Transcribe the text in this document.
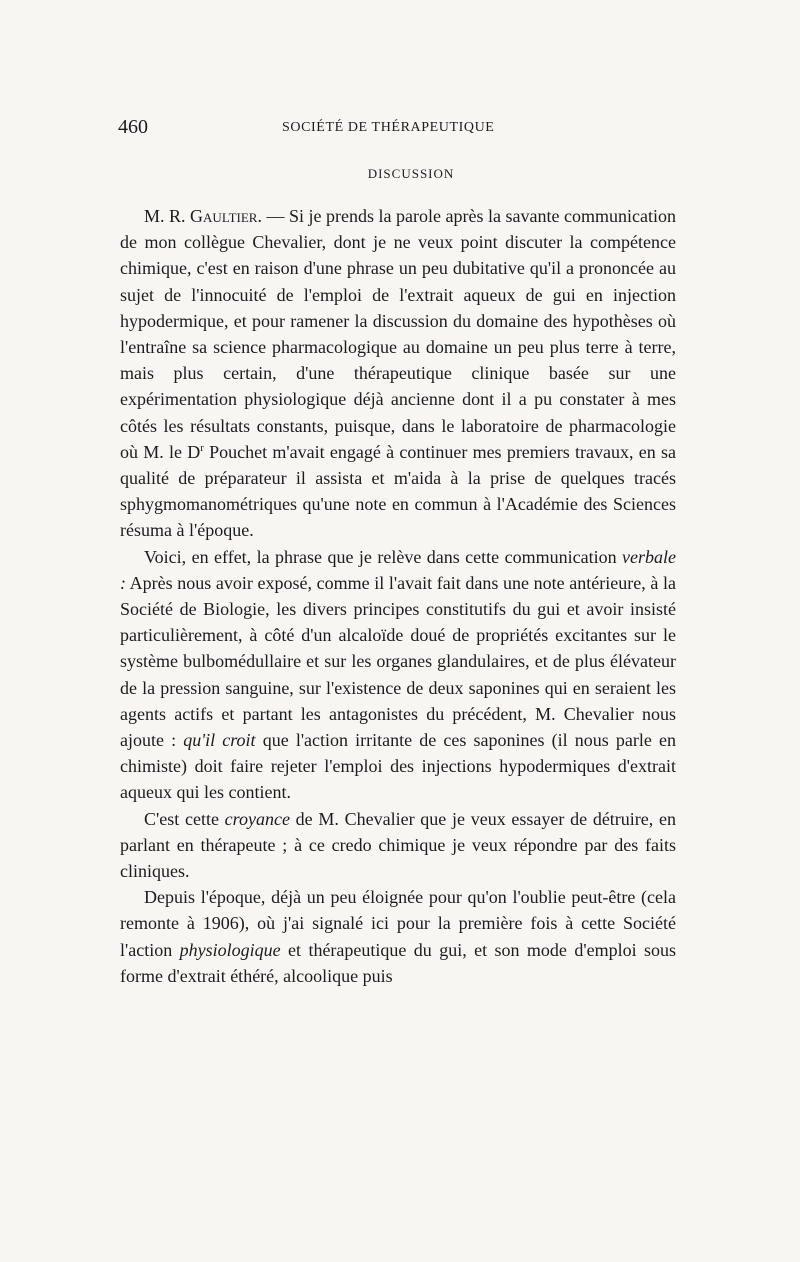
460	SOCIÉTÉ DE THÉRAPEUTIQUE
DISCUSSION

M. R. Gaultier. — Si je prends la parole après la savante communication de mon collègue Chevalier, dont je ne veux point discuter la compétence chimique, c'est en raison d'une phrase un peu dubitative qu'il a prononcée au sujet de l'innocuité de l'emploi de l'extrait aqueux de gui en injection hypodermique, et pour ramener la discussion du domaine des hypothèses où l'entraîne sa science pharmacologique au domaine un peu plus terre à terre, mais plus certain, d'une thérapeutique clinique basée sur une expérimentation physiologique déjà ancienne dont il a pu constater à mes côtés les résultats constants, puisque, dans le laboratoire de pharmacologie où M. le $D^r$ Pouchet m'avait engagé à continuer mes premiers travaux, en sa qualité de préparateur il assista et m'aida à la prise de quelques tracés sphygmomanométriques qu'une note en commun à l'Académie des Sciences résuma à l'époque.

Voici, en effet, la phrase que je relève dans cette communication verbale : Après nous avoir exposé, comme il l'avait fait dans une note antérieure, à la Société de Biologie, les divers principes constitutifs du gui et avoir insisté particulièrement, à côté d'un alcaloïde doué de propriétés excitantes sur le système bulbomédullaire et sur les organes glandulaires, et de plus élévateur de la pression sanguine, sur l'existence de deux saponines qui en seraient les agents actifs et partant les antagonistes du précédent, M. Chevalier nous ajoute : qu'il croit que l'action irritante de ces saponines (il nous parle en chimiste) doit faire rejeter l'emploi des injections hypodermiques d'extrait aqueux qui les contient.

C'est cette croyance de M. Chevalier que je veux essayer de détruire, en parlant en thérapeute ; à ce credo chimique je veux répondre par des faits cliniques.

Depuis l'époque, déjà un peu éloignée pour qu'on l'oublie peut-être (cela remonte à 1906), où j'ai signalé ici pour la première fois à cette Société l'action physiologique et thérapeutique du gui, et son mode d'emploi sous forme d'extrait éthéré, alcoolique puis
